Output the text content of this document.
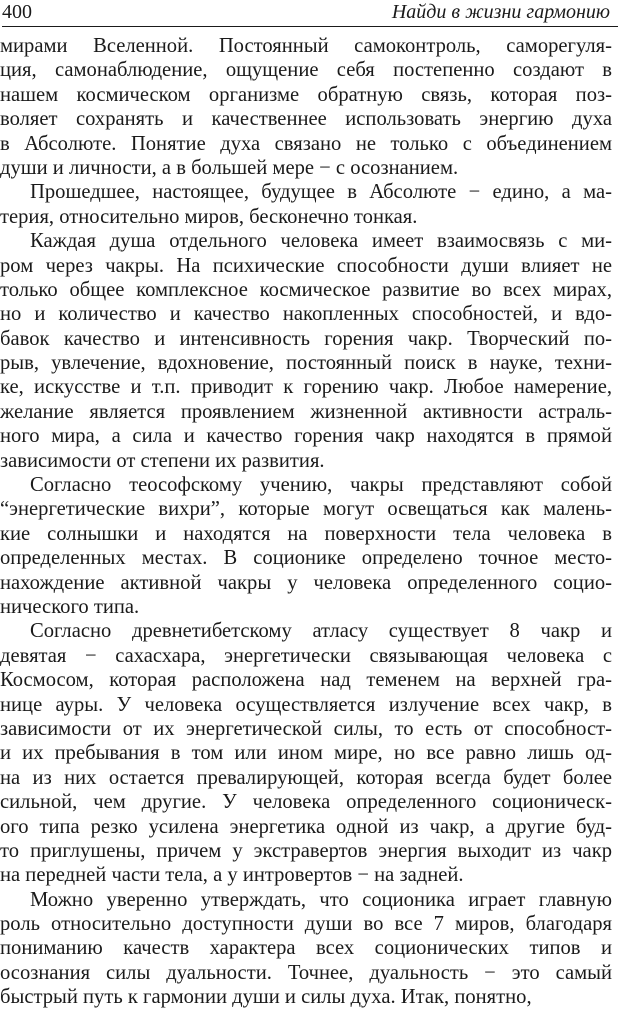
400	Найди в жизни гармонию
мирами Вселенной. Постоянный самоконтроль, саморегуля-
ция, самонаблюдение, ощущение себя постепенно создают в
нашем космическом организме обратную связь, которая поз-
воляет сохранять и качественнее использовать энергию духа
в Абсолюте. Понятие духа связано не только с объединением
души и личности, а в большей мере − с осознанием.
Прошедшее, настоящее, будущее в Абсолюте − едино, а ма-
терия, относительно миров, бесконечно тонкая.
Каждая душа отдельного человека имеет взаимосвязь с ми-
ром через чакры. На психические способности души влияет не
только общее комплексное космическое развитие во всех мирах,
но и количество и качество накопленных способностей, и вдо-
бавок качество и интенсивность горения чакр. Творческий по-
рыв, увлечение, вдохновение, постоянный поиск в науке, техни-
ке, искусстве и т.п. приводит к горению чакр. Любое намерение,
желание является проявлением жизненной активности астраль-
ного мира, а сила и качество горения чакр находятся в прямой
зависимости от степени их развития.
Согласно теософскому учению, чакры представляют собой
“энергетические вихри”, которые могут освещаться как малень-
кие солнышки и находятся на поверхности тела человека в
определенных местах. В соционике определено точное место-
нахождение активной чакры у человека определенного социо-
нического типа.
Согласно древнетибетскому атласу существует 8 чакр и
девятая − сахасхара, энергетически связывающая человека с
Космосом, которая расположена над теменем на верхней гра-
нице ауры. У человека осуществляется излучение всех чакр, в
зависимости от их энергетической силы, то есть от способност-
и их пребывания в том или ином мире, но все равно лишь од-
на из них остается превалирующей, которая всегда будет более
сильной, чем другие. У человека определенного соционическ-
ого типа резко усилена энергетика одной из чакр, а другие буд-
то приглушены, причем у экстравертов энергия выходит из чакр
на передней части тела, а у интровертов − на задней.
Можно уверенно утверждать, что соционика играет главную
роль относительно доступности души во все 7 миров, благодаря
пониманию качеств характера всех соционических типов и
осознания силы дуальности. Точнее, дуальность − это самый
быстрый путь к гармонии души и силы духа. Итак, понятно,
